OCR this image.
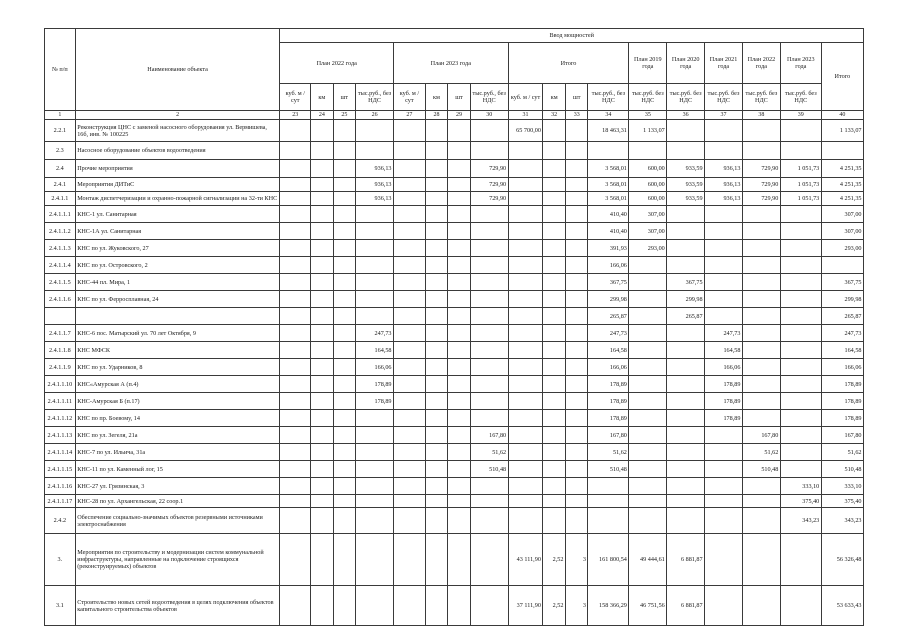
№ п/п	Наименование объекта	Ввод мощностей																	
		План 2022 года				План 2023 года				Итого				План 2019 года	План 2020 года	План 2021 года	План 2022 года	План 2023 года	Итого
		куб. м / сут	км	шт	тыс.руб., без НДС	куб. м / сут	км	шт	тыс.руб., без НДС	куб. м / сут	км	шт	тыс.руб., без НДС	тыс.руб. без НДС	тыс.руб. без НДС	тыс.руб. без НДС	тыс.руб. без НДС	тыс.руб. без НДС	
1	2	23	24	25	26	27	28	29	30	31	32	33	34	35	36	37	38	39	40
2.2.1	Реконструкция ЦНС с заменой насосного оборудования ул. Вермишева, 16б, инв. № 100225									65 700,00			18 463,31	1 133,07					1 133,07
2.3	Насосное оборудование объектов водоотведения																		
2.4	Прочие мероприятия				936,13				729,90				3 568,01	600,00	933,59	936,13	729,90	1 051,73	4 251,35
2.4.1	Мероприятия ДИТиС				936,13				729,90				3 568,01	600,00	933,59	936,13	729,90	1 051,73	4 251,35
2.4.1.1	Монтаж диспетчеризации и охранно-пожарной сигнализации на 32-ти КНС				936,13				729,90				3 568,01	600,00	933,59	936,13	729,90	1 051,73	4 251,35
2.4.1.1.1	КНС-1 ул. Санитарная												410,40	307,00					307,00
2.4.1.1.2	КНС-1А ул. Санитарная												410,40	307,00					307,00
2.4.1.1.3	КНС по ул. Жуковского, 27												391,93	293,00					293,00
2.4.1.1.4	КНС по ул. Островского, 2												166,06						
2.4.1.1.5	КНС-44 пл. Мира, 1												367,75		367,75				367,75
2.4.1.1.6	КНС по ул. Ферросплавная, 24												299,98		299,98				299,98
													265,87		265,87				265,87
2.4.1.1.7	КНС-6 пос. Матырский ул. 70 лет Октября, 9				247,73								247,73			247,73			247,73
2.4.1.1.8	КНС МФСК				164,58								164,58			164,58			164,58
2.4.1.1.9	КНС по ул. Ударников, 8				166,06								166,06			166,06			166,06
2.4.1.1.10	КНС«Амурская А (п.4)				178,89								178,89			178,89			178,89
2.4.1.1.11	КНС-Амурская Б (п.17)				178,89								178,89			178,89			178,89
2.4.1.1.12	КНС по пр. Боевому, 14												178,89			178,89			178,89
2.4.1.1.13	КНС по ул. Зегеля, 21а								167,80				167,80				167,80		167,80
2.4.1.1.14	КНС-7 по ул. Ильича, 31а								51,62				51,62				51,62		51,62
2.4.1.1.15	КНС-11 по ул. Каменный лог, 15								510,48				510,48				510,48		510,48
2.4.1.1.16	КНС-27 ул. Грязинская, 3																	333,10	333,10
2.4.1.1.17	КНС-28 по ул. Архангельская, 22 соор.1																	375,40	375,40
2.4.2	Обеспечение социально-значимых объектов резервными источниками электроснабжения																	343,23	343,23
3.	Мероприятия по строительству и модернизации систем коммунальной инфраструктуры, направленные на подключение строящихся (реконструируемых) объектов									43 111,90	2,52	3	161 800,54	49 444,61	6 881,87				56 326,48
3.1	Строительство новых сетей водоотведения в целях подключения объектов капитального строительства объектов									37 111,90	2,52	3	158 366,29	46 751,56	6 881,87				53 633,43
